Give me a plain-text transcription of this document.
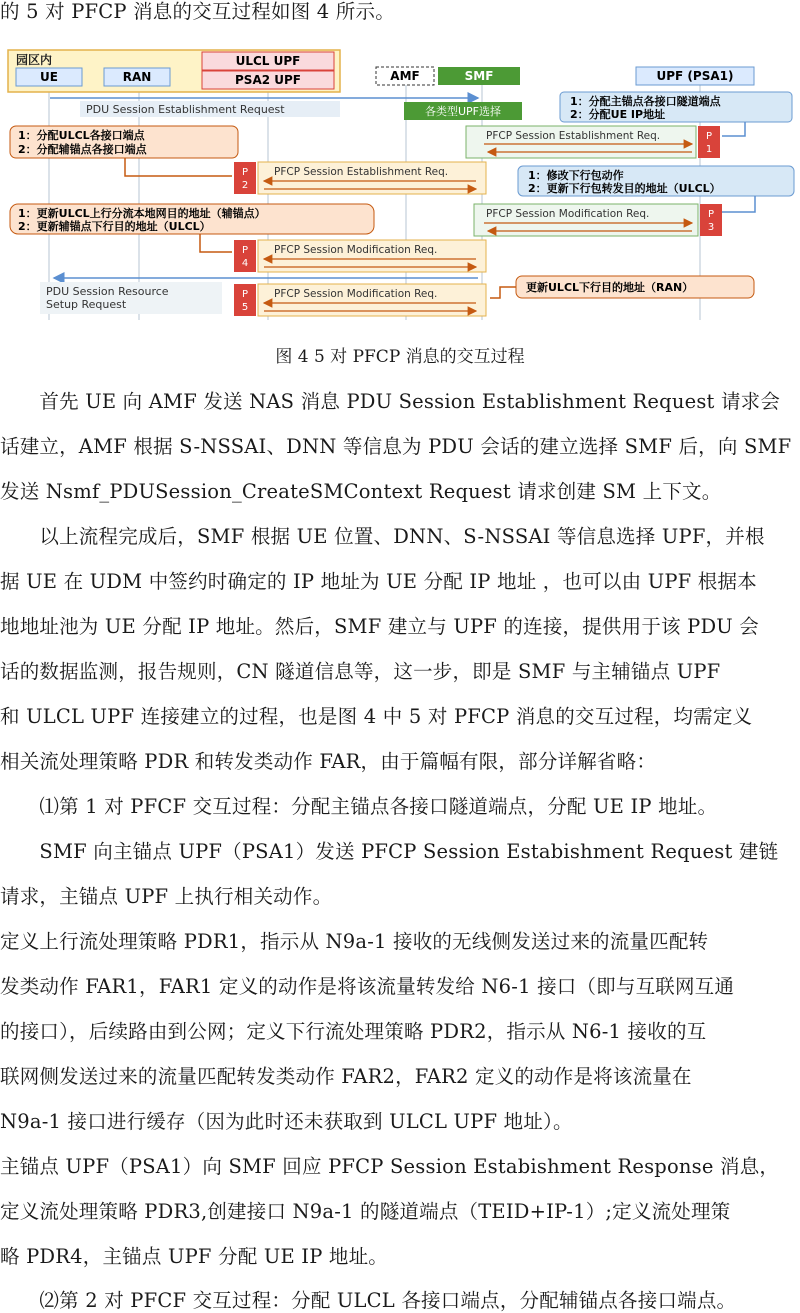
的 5 对 PFCP 消息的交互过程如图 4 所示。
园区内
UE	RAN
ULCL UPF
PSA2 UPF	AMF	SMF	UPF (PSA1)
PDU Session Establishment Request	各类型UPF选择
1：分配主锚点各接口隧道端点
2：分配UE IP地址
PFCP Session Establishment Req.	P
1
1：分配ULCL各接口端点
2：分配辅锚点各接口端点
P
2
PFCP Session Establishment Req.	1：修改下行包动作
2：更新下行包转发目的地址（ULCL）
PFCP Session Modification Req.	P
3
1：更新ULCL上行分流本地网目的地址（辅锚点）
2：更新辅锚点下行目的地址（ULCL）
P
4
PFCP Session Modification Req.
PDU Session Resource
Setup Request
P
5
PFCP Session Modification Req.	更新ULCL下行目的地址（RAN）
图 4 5 对 PFCP 消息的交互过程
　　首先 UE 向 AMF 发送 NAS 消息 PDU Session Establishment Request 请求会
话建立，AMF 根据 S-NSSAI、DNN 等信息为 PDU 会话的建立选择 SMF 后，向 SMF
发送 Nsmf_PDUSession_CreateSMContext Request 请求创建 SM 上下文。
　　以上流程完成后，SMF 根据 UE 位置、DNN、S-NSSAI 等信息选择 UPF，并根
据 UE 在 UDM 中签约时确定的 IP 地址为 UE 分配 IP 地址 ，也可以由 UPF 根据本
地地址池为 UE 分配 IP 地址。然后，SMF 建立与 UPF 的连接，提供用于该 PDU 会
话的数据监测，报告规则，CN 隧道信息等，这一步，即是 SMF 与主辅锚点 UPF
和 ULCL UPF 连接建立的过程，也是图 4 中 5 对 PFCP 消息的交互过程，均需定义
相关流处理策略 PDR 和转发类动作 FAR，由于篇幅有限，部分详解省略：
　　⑴第 1 对 PFCF 交互过程：分配主锚点各接口隧道端点，分配 UE IP 地址。
　　SMF 向主锚点 UPF（PSA1）发送 PFCP Session Estabishment Request 建链
请求，主锚点 UPF 上执行相关动作。
定义上行流处理策略 PDR1，指示从 N9a-1 接收的无线侧发送过来的流量匹配转
发类动作 FAR1，FAR1 定义的动作是将该流量转发给 N6-1 接口（即与互联网互通
的接口），后续路由到公网；定义下行流处理策略 PDR2，指示从 N6-1 接收的互
联网侧发送过来的流量匹配转发类动作 FAR2，FAR2 定义的动作是将该流量在
N9a-1 接口进行缓存（因为此时还未获取到 ULCL UPF 地址）。
主锚点 UPF（PSA1）向 SMF 回应 PFCP Session Estabishment Response 消息，
定义流处理策略 PDR3,创建接口 N9a-1 的隧道端点（TEID+IP-1）;定义流处理策
略 PDR4，主锚点 UPF 分配 UE IP 地址。
　　⑵第 2 对 PFCF 交互过程：分配 ULCL 各接口端点，分配辅锚点各接口端点。
